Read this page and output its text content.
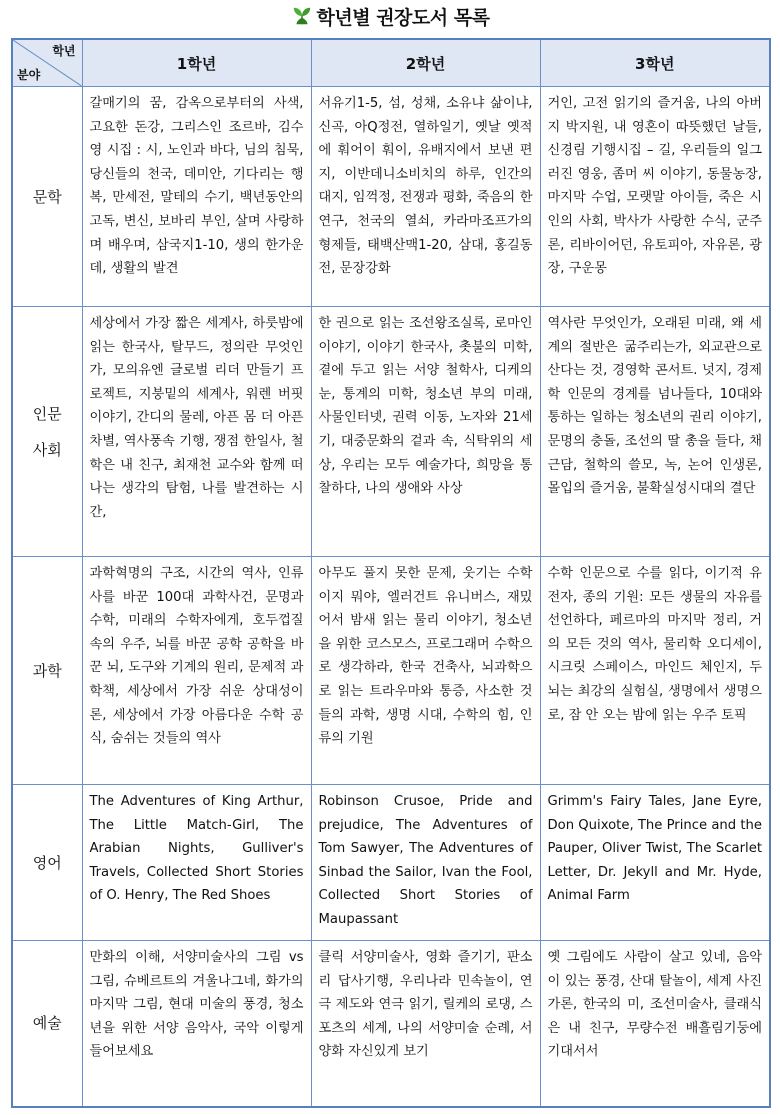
학년별 권장도서 목록
학년
분야	1학년	2학년	3학년
문학	갈매기의 꿈, 감옥으로부터의 사색, 고요한 돈강, 그리스인 조르바, 김수영 시집 : 시, 노인과 바다, 님의 침묵, 당신들의 천국, 데미안, 기다리는 행복, 만세전, 말테의 수기, 백년동안의 고독, 변신, 보바리 부인, 살며 사랑하며 배우며, 삼국지1-10, 생의 한가운데, 생활의 발견	서유기1-5, 섬, 성채, 소유냐 삶이냐, 신곡, 아Q정전, 열하일기, 옛날 옛적에 훠어이 훠이, 유배지에서 보낸 편지, 이반데니소비치의 하루, 인간의 대지, 임꺽정, 전쟁과 평화, 죽음의 한 연구, 천국의 열쇠, 카라마조프가의 형제들, 태백산맥1-20, 삼대, 홍길동전, 문장강화	거인, 고전 읽기의 즐거움, 나의 아버지 박지원, 내 영혼이 따뜻했던 날들, 신경림 기행시집 – 길, 우리들의 일그러진 영웅, 좀머 씨 이야기, 동물농장, 마지막 수업, 모랫말 아이들, 죽은 시인의 사회, 박사가 사랑한 수식, 군주론, 리바이어던, 유토피아, 자유론, 광장, 구운몽
인문
사회	세상에서 가장 짧은 세계사, 하룻밤에 읽는 한국사, 탈무드, 정의란 무엇인가, 모의유엔 글로벌 리더 만들기 프로젝트, 지붕밑의 세계사, 워렌 버핏 이야기, 간디의 물레, 아픈 몸 더 아픈 차별, 역사풍속 기행, 쟁점 한일사, 철학은 내 친구, 최재천 교수와 함께 떠나는 생각의 탐험, 나를 발견하는 시간,	한 권으로 읽는 조선왕조실록, 로마인 이야기, 이야기 한국사, 촛불의 미학, 곁에 두고 읽는 서양 철학사, 디케의 눈, 통계의 미학, 청소년 부의 미래, 사물인터넷, 권력 이동, 노자와 21세기, 대중문화의 겉과 속, 식탁위의 세상, 우리는 모두 예술가다, 희망을 통찰하다, 나의 생애와 사상	역사란 무엇인가, 오래된 미래, 왜 세계의 절반은 굶주리는가, 외교관으로 산다는 것, 경영학 콘서트. 넛지, 경제학 인문의 경계를 넘나들다, 10대와 통하는 일하는 청소년의 권리 이야기, 문명의 충돌, 조선의 딸 총을 들다, 채근담, 철학의 쓸모, 녹, 논어 인생론, 몰입의 즐거움, 불확실성시대의 결단
과학	과학혁명의 구조, 시간의 역사, 인류사를 바꾼 100대 과학사건, 문명과 수학, 미래의 수학자에게, 호두껍질 속의 우주, 뇌를 바꾼 공학 공학을 바꾼 뇌, 도구와 기계의 원리, 문제적 과학책, 세상에서 가장 쉬운 상대성이론, 세상에서 가장 아름다운 수학 공식, 숨쉬는 것들의 역사	아무도 풀지 못한 문제, 웃기는 수학이지 뭐야, 엘러건트 유니버스, 재밌어서 밤새 읽는 물리 이야기, 청소년을 위한 코스모스, 프로그래머 수학으로 생각하라, 한국 건축사, 뇌과학으로 읽는 트라우마와 통증, 사소한 것들의 과학, 생명 시대, 수학의 힘, 인류의 기원	수학 인문으로 수를 읽다, 이기적 유전자, 종의 기원: 모든 생물의 자유를 선언하다, 페르마의 마지막 정리, 거의 모든 것의 역사, 물리학 오디세이, 시크릿 스페이스, 마인드 체인지, 두뇌는 최강의 실험실, 생명에서 생명으로, 잠 안 오는 밤에 읽는 우주 토픽
영어	The Adventures of King Arthur, The Little Match-Girl, The Arabian Nights, Gulliver's Travels, Collected Short Stories of O. Henry, The Red Shoes	Robinson Crusoe, Pride and prejudice, The Adventures of Tom Sawyer, The Adventures of Sinbad the Sailor, Ivan the Fool, Collected Short Stories of Maupassant	Grimm's Fairy Tales, Jane Eyre, Don Quixote, The Prince and the Pauper, Oliver Twist, The Scarlet Letter, Dr. Jekyll and Mr. Hyde, Animal Farm
예술	만화의 이해, 서양미술사의 그림 vs 그림, 슈베르트의 겨울나그네, 화가의 마지막 그림, 현대 미술의 풍경, 청소년을 위한 서양 음악사, 국악 이렇게 들어보세요	클릭 서양미술사, 영화 즐기기, 판소리 답사기행, 우리나라 민속놀이, 연극 제도와 연극 읽기, 릴케의 로댕, 스포츠의 세계, 나의 서양미술 순례, 서양화 자신있게 보기	옛 그림에도 사람이 살고 있네, 음악이 있는 풍경, 산대 탈놀이, 세계 사진가론, 한국의 미, 조선미술사, 클래식은 내 친구, 무량수전 배흘림기둥에 기대서서
